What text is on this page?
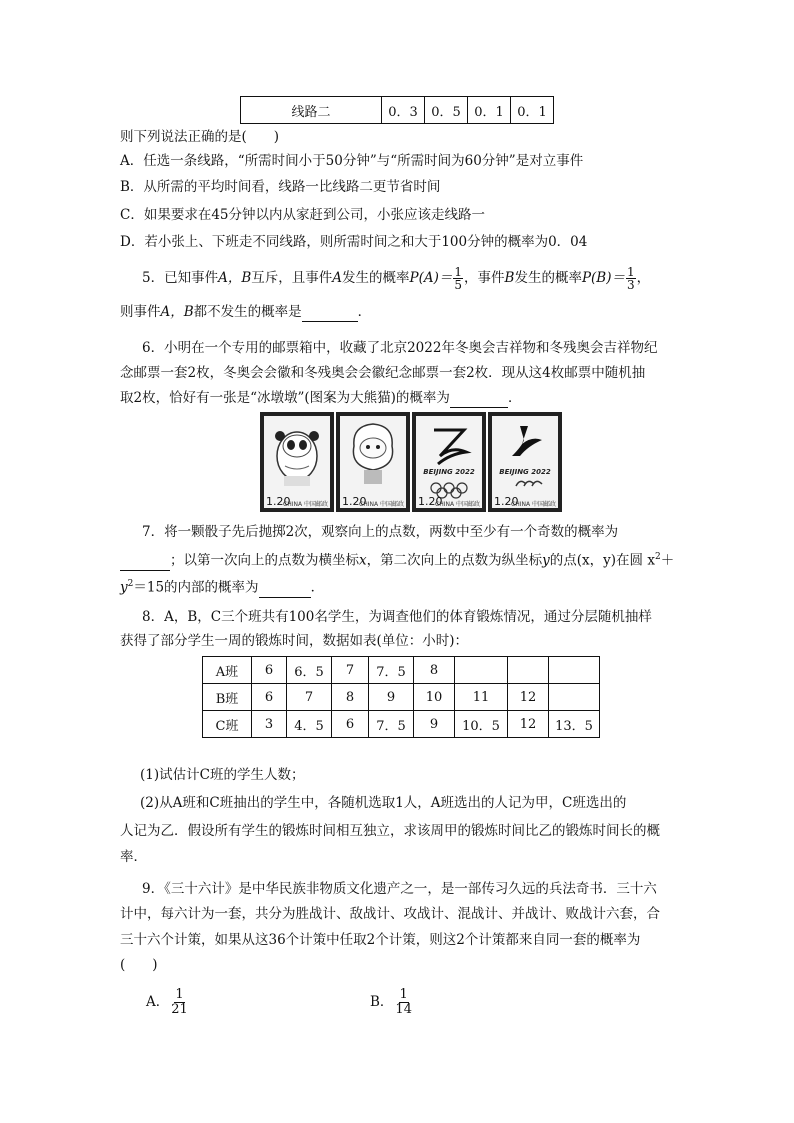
线路二	0．3	0．5	0．1	0．1
则下列说法正确的是(　　)
A．任选一条线路，“所需时间小于50分钟”与“所需时间为60分钟”是对立事件
B．从所需的平均时间看，线路一比线路二更节省时间
C．如果要求在45分钟以内从家赶到公司，小张应该走线路一
D．若小张上、下班走不同线路，则所需时间之和大于100分钟的概率为0．04
5．已知事件A，B互斥，且事件A发生的概率$P(A)= \frac{1}{5}$ ，事件B发生的概率$P(B)= \frac{1}{3}$ ，
则事件A，B都不发生的概率是	．
6．小明在一个专用的邮票箱中，收藏了北京2022年冬奥会吉祥物和冬残奥会吉祥物纪
念邮票一套2枚，冬奥会会徽和冬残奥会会徽纪念邮票一套2枚．现从这4枚邮票中随机抽
取2枚，恰好有一张是“冰墩墩”(图案为大熊猫)的概率为	．
1.20
CHINA 中国邮政 1.20
CHINA 中国邮政
BEIJING 2022
1.20
CHINA 中国邮政
BEIJING 2022
1.20
CHINA 中国邮政
7．将一颗骰子先后抛掷2次，观察向上的点数，两数中至少有一个奇数的概率为
；以第一次向上的点数为横坐标x，第二次向上的点数为纵坐标y的点(x，y)在圆 $x^2+$
$y^2=15$的内部的概率为	．
8．A，B，C三个班共有100名学生，为调查他们的体育锻炼情况，通过分层随机抽样
获得了部分学生一周的锻炼时间，数据如表(单位：小时)：
A班	6	6．5	7	7．5	8			
B班	6	7	8	9	10	11	12	
C班	3	4．5	6	7．5	9	10．5	12	13．5
(1)试估计C班的学生人数；
(2)从A班和C班抽出的学生中，各随机选取1人，A班选出的人记为甲，C班选出的
人记为乙．假设所有学生的锻炼时间相互独立，求该周甲的锻炼时间比乙的锻炼时间长的概
率．
9．《三十六计》是中华民族非物质文化遗产之一，是一部传习久远的兵法奇书．三十六
计中，每六计为一套，共分为胜战计、敌战计、攻战计、混战计、并战计、败战计六套，合
三十六个计策，如果从这36个计策中任取2个计策，则这2个计策都来自同一套的概率为
(　　)
A． $\frac{1}{21}$	B． $\frac{1}{14}$
